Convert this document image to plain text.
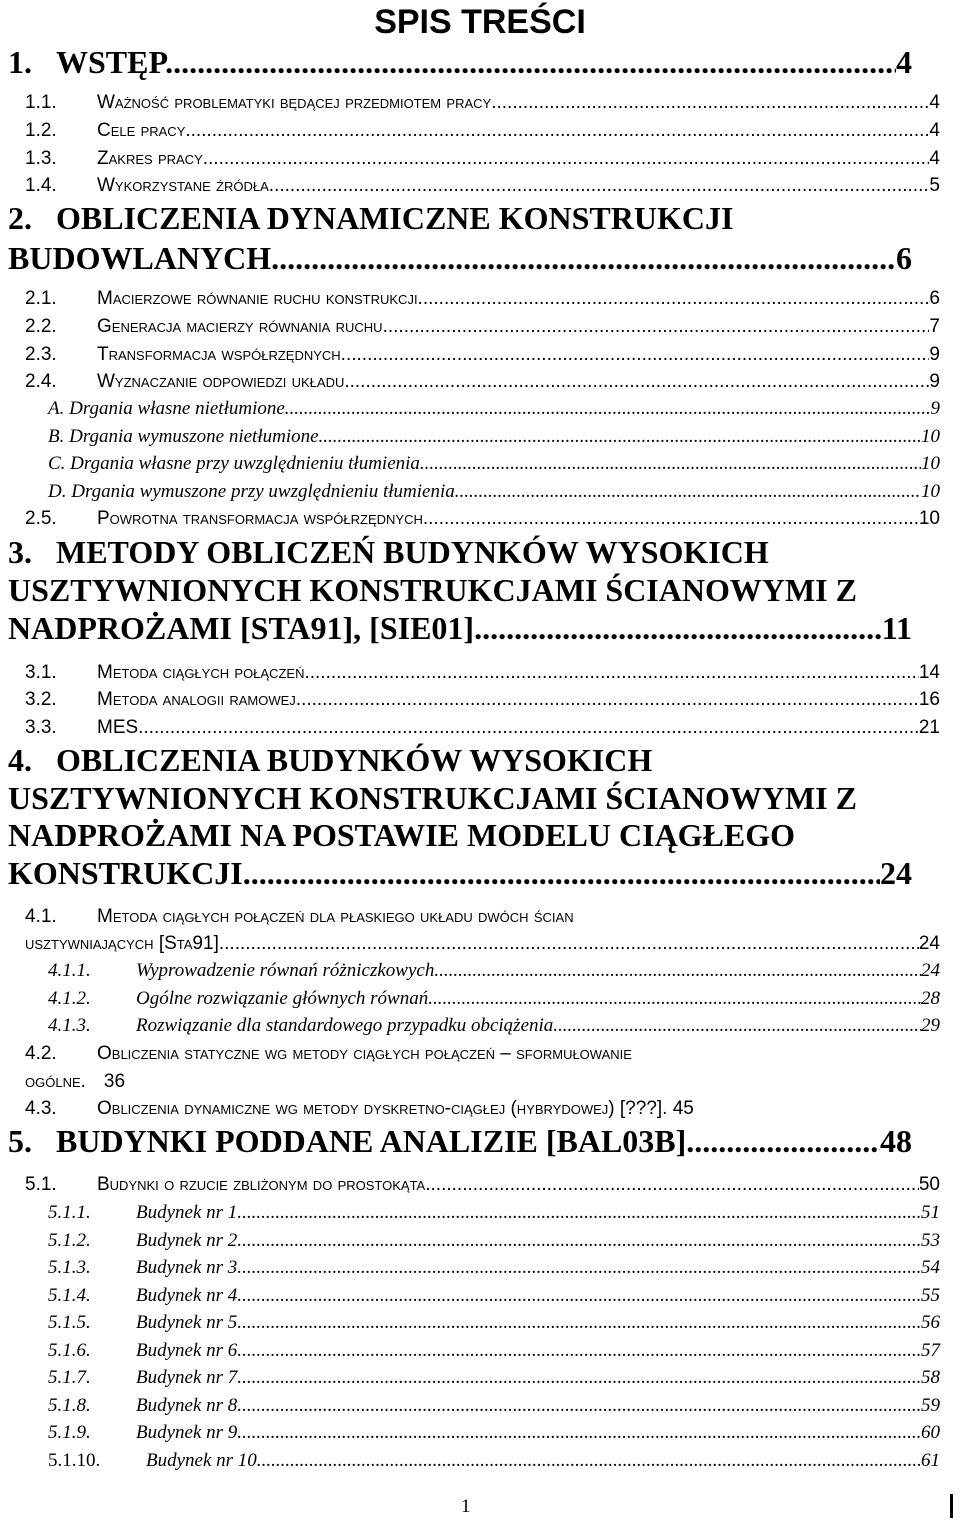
SPIS TREŚCI
1. WSTĘP. .....	4
1.1.	Ważność problematyki będącej przedmiotem pracy. .....	4
1.2.	Cele pracy. .....	4
1.3.	Zakres pracy. .....	4
1.4.	Wykorzystane źródła. .....	5
2. OBLICZENIA DYNAMICZNE KONSTRUKCJI
BUDOWLANYCH. .....	6
2.1.	Macierzowe równanie ruchu konstrukcji. .....	6
2.2.	Generacja macierzy równania ruchu. .....	7
2.3.	Transformacja współrzędnych. .....	9
2.4.	Wyznaczanie odpowiedzi układu. .....	9
A. Drgania własne nietłumione. .....	9
B. Drgania wymuszone nietłumione. .....	10
C. Drgania własne przy uwzględnieniu tłumienia. .....	10
D. Drgania wymuszone przy uwzględnieniu tłumienia. .....	10
2.5.	Powrotna transformacja współrzędnych. .....	10
3. METODY OBLICZEŃ BUDYNKÓW WYSOKICH
USZTYWNIONYCH KONSTRUKCJAMI ŚCIANOWYMI Z
NADPROŻAMI [STA91], [SIE01]. .....	11
3.1.	Metoda ciągłych połączeń. .....	14
3.2.	Metoda analogii ramowej. .....	16
3.3.	MES. .....	21
4. OBLICZENIA BUDYNKÓW WYSOKICH
USZTYWNIONYCH KONSTRUKCJAMI ŚCIANOWYMI Z
NADPROŻAMI NA POSTAWIE MODELU CIĄGŁEGO
KONSTRUKCJI. .....	24
4.1. Metoda ciągłych połączeń dla płaskiego układu dwóch ścian
usztywniających [Sta91]. .....	24
4.1.1.	Wyprowadzenie równań różniczkowych. .....	24
4.1.2.	Ogólne rozwiązanie głównych równań. .....	28
4.1.3.	Rozwiązanie dla standardowego przypadku obciążenia. .....	29
4.2. Obliczenia statyczne wg metody ciągłych połączeń – sformułowanie
ogólne. 36
4.3. Obliczenia dynamiczne wg metody dyskretno-ciągłej (hybrydowej) [???]. 45
5. BUDYNKI PODDANE ANALIZIE [BAL03B]. .....	48
5.1.	Budynki o rzucie zbliżonym do prostokąta. .....	50
5.1.1.	Budynek nr 1. .....	51
5.1.2.	Budynek nr 2. .....	53
5.1.3.	Budynek nr 3. .....	54
5.1.4.	Budynek nr 4. .....	55
5.1.5.	Budynek nr 5. .....	56
5.1.6.	Budynek nr 6. .....	57
5.1.7.	Budynek nr 7. .....	58
5.1.8.	Budynek nr 8. .....	59
5.1.9.	Budynek nr 9. .....	60
5.1.10.	Budynek nr 10. .....	61
1
